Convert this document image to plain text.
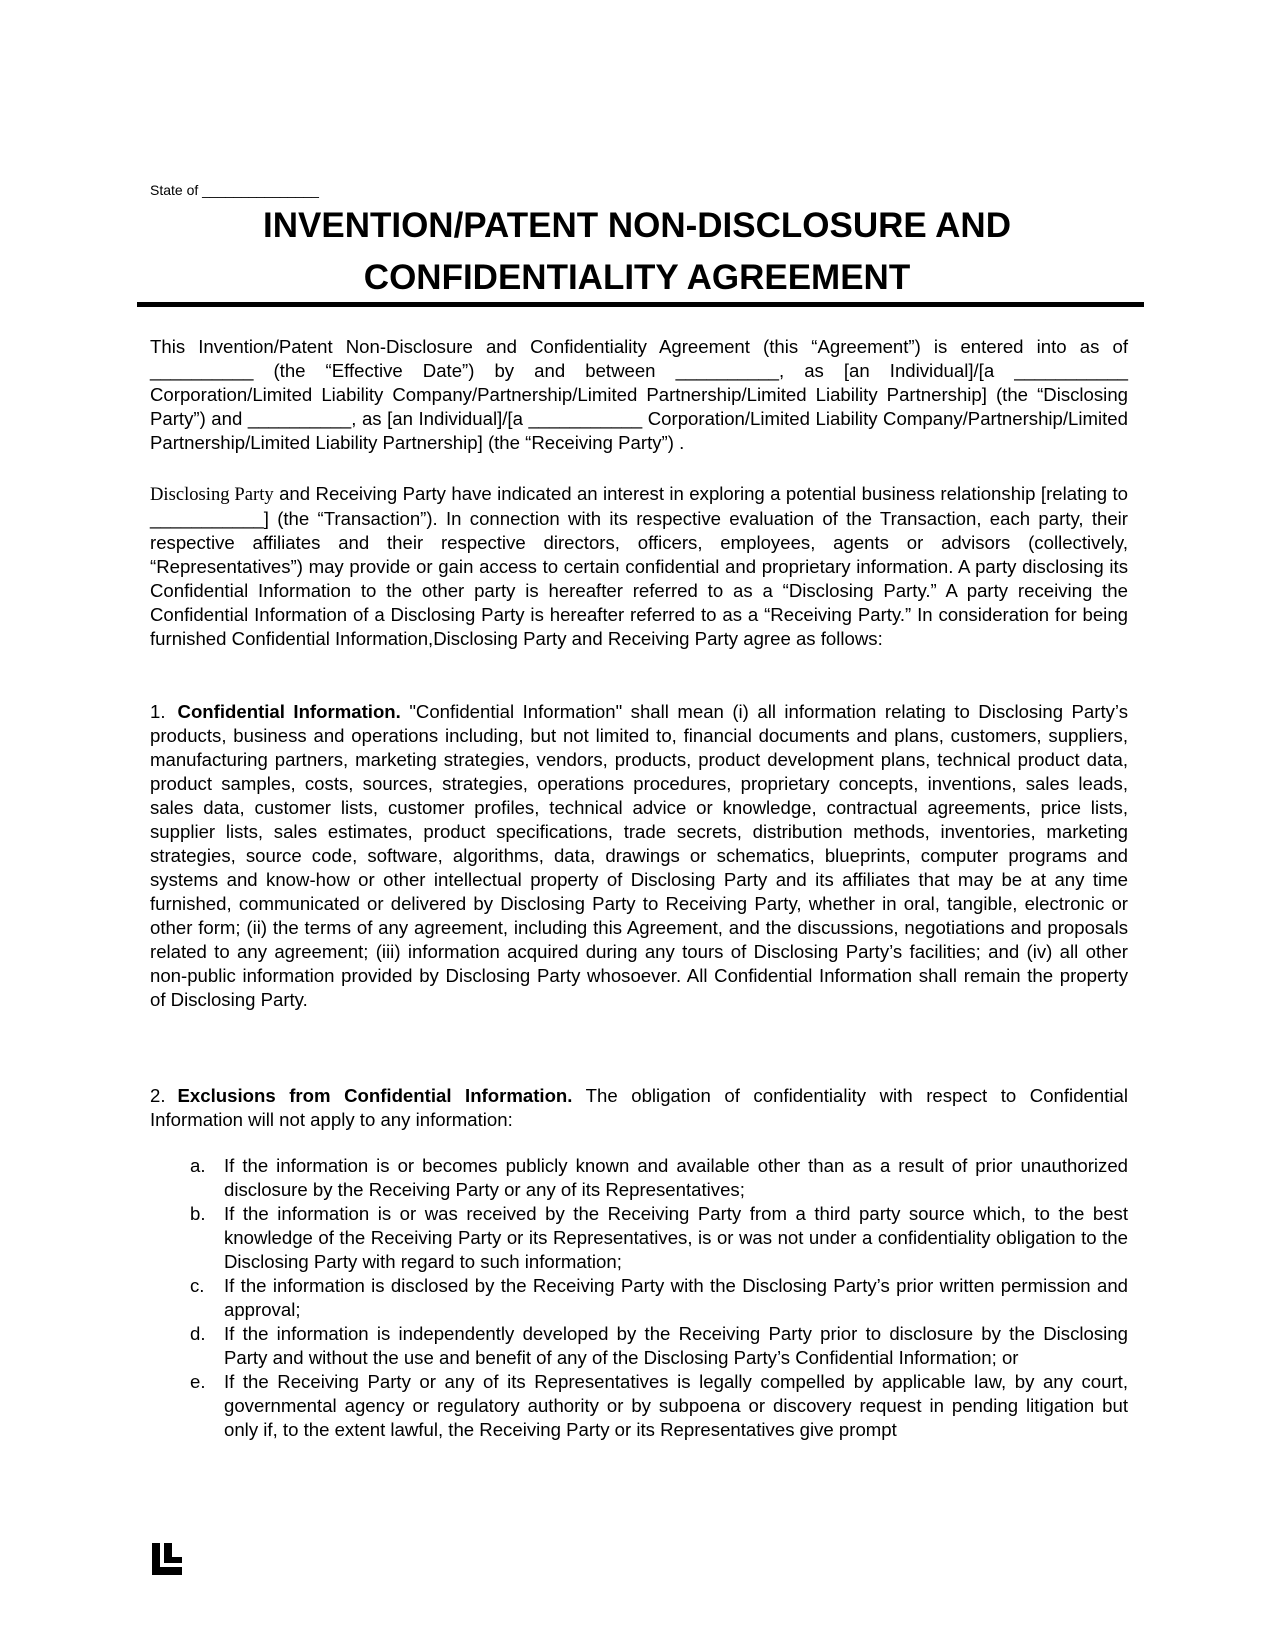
State of _______________

INVENTION/PATENT NON-DISCLOSURE AND
CONFIDENTIALITY AGREEMENT

This Invention/Patent Non-Disclosure and Confidentiality Agreement (this “Agreement”) is entered into as of __________ (the “Effective Date”) by and between __________, as [an Individual]/[a ___________ Corporation/Limited Liability Company/Partnership/Limited Partnership/Limited Liability Partnership] (the “Disclosing Party”) and __________, as [an Individual]/[a ___________ Corporation/Limited Liability Company/Partnership/Limited Partnership/Limited Liability Partnership] (the “Receiving Party”) .

Disclosing Party and Receiving Party have indicated an interest in exploring a potential business relationship [relating to ___________] (the “Transaction”). In connection with its respective evaluation of the Transaction, each party, their respective affiliates and their respective directors, officers, employees, agents or advisors (collectively, “Representatives”) may provide or gain access to certain confidential and proprietary information. A party disclosing its Confidential Information to the other party is hereafter referred to as a “Disclosing Party.” A party receiving the Confidential Information of a Disclosing Party is hereafter referred to as a “Receiving Party.” In consideration for being furnished Confidential Information,Disclosing Party and Receiving Party agree as follows:

1. Confidential Information. "Confidential Information" shall mean (i) all information relating to Disclosing Party’s products, business and operations including, but not limited to, financial documents and plans, customers, suppliers, manufacturing partners, marketing strategies, vendors, products, product development plans, technical product data, product samples, costs, sources, strategies, operations procedures, proprietary concepts, inventions, sales leads, sales data, customer lists, customer profiles, technical advice or knowledge, contractual agreements, price lists, supplier lists, sales estimates, product specifications, trade secrets, distribution methods, inventories, marketing strategies, source code, software, algorithms, data, drawings or schematics, blueprints, computer programs and systems and know-how or other intellectual property of Disclosing Party and its affiliates that may be at any time furnished, communicated or delivered by Disclosing Party to Receiving Party, whether in oral, tangible, electronic or other form; (ii) the terms of any agreement, including this Agreement, and the discussions, negotiations and proposals related to any agreement; (iii) information acquired during any tours of Disclosing Party’s facilities; and (iv) all other non-public information provided by Disclosing Party whosoever. All Confidential Information shall remain the property of Disclosing Party.

2. Exclusions from Confidential Information. The obligation of confidentiality with respect to Confidential Information will not apply to any information:

a. If the information is or becomes publicly known and available other than as a result of prior unauthorized disclosure by the Receiving Party or any of its Representatives;
b. If the information is or was received by the Receiving Party from a third party source which, to the best knowledge of the Receiving Party or its Representatives, is or was not under a confidentiality obligation to the Disclosing Party with regard to such information;
c. If the information is disclosed by the Receiving Party with the Disclosing Party’s prior written permission and approval;
d. If the information is independently developed by the Receiving Party prior to disclosure by the Disclosing Party and without the use and benefit of any of the Disclosing Party’s Confidential Information; or
e. If the Receiving Party or any of its Representatives is legally compelled by applicable law, by any court, governmental agency or regulatory authority or by subpoena or discovery request in pending litigation but only if, to the extent lawful, the Receiving Party or its Representatives give prompt
